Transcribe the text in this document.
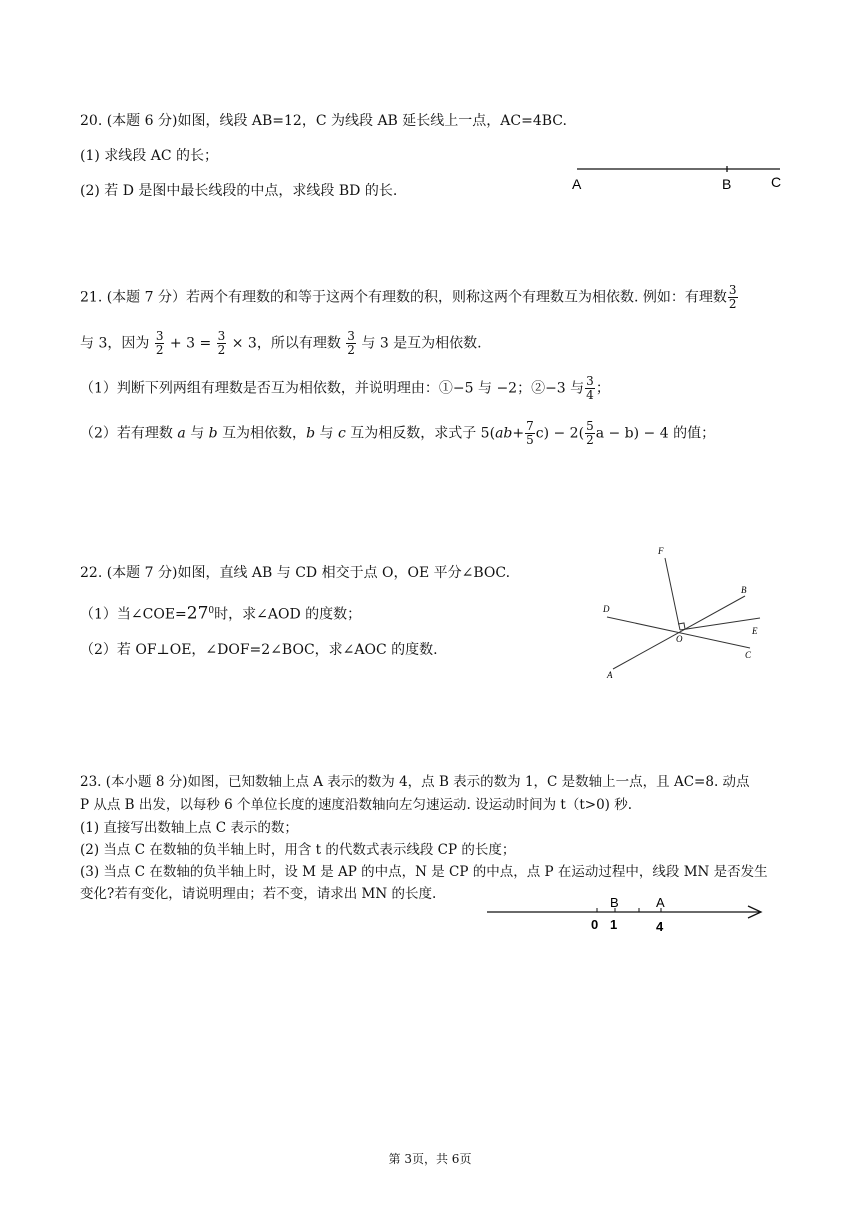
20. (本题 6 分)如图，线段 AB=12，C 为线段 AB 延长线上一点，AC=4BC.
(1) 求线段 AC 的长；
(2) 若 D 是图中最长线段的中点，求线段 BD 的长.	A	B	C
21. (本题 7 分）若两个有理数的和等于这两个有理数的积，则称这两个有理数互为相依数. 例如：有理数 $\frac{3}{2}$
与 3，因为 $\frac{3}{2} + 3 = \frac{3}{2} \times 3$，所以有理数 $\frac{3}{2}$ 与 3 是互为相依数.
（1）判断下列两组有理数是否互为相依数，并说明理由：①−5 与 −2；②−3 与 $\frac{3}{4}$ ；
（2）若有理数 a 与 b 互为相依数，b 与 c 互为相反数，求式子 $5(ab+ \frac{7}{5} c) - 2( \frac{5}{2}$ a − b) − 4 的值；
22. (本题 7 分)如图，直线 AB 与 CD 相交于点 O，OE 平分∠BOC.
（1）当$\angle COE=27^0$时，求∠AOD 的度数；
（2）若 OF⊥OE，∠DOF=2∠BOC，求∠AOC 的度数.
F
D
B
E
O
C
A
23. (本小题 8 分)如图，已知数轴上点 A 表示的数为 4，点 B 表示的数为 1，C 是数轴上一点，且 AC=8. 动点
P 从点 B 出发，以每秒 6 个单位长度的速度沿数轴向左匀速运动. 设运动时间为 t（t>0) 秒.
(1) 直接写出数轴上点 C 表示的数；
(2) 当点 C 在数轴的负半轴上时，用含 t 的代数式表示线段 CP 的长度；
(3) 当点 C 在数轴的负半轴上时，设 M 是 AP 的中点，N 是 CP 的中点，点 P 在运动过程中，线段 MN 是否发生
变化?若有变化，请说明理由；若不变，请求出 MN 的长度.
B	A
0 1	4
第 3页，共 6页
